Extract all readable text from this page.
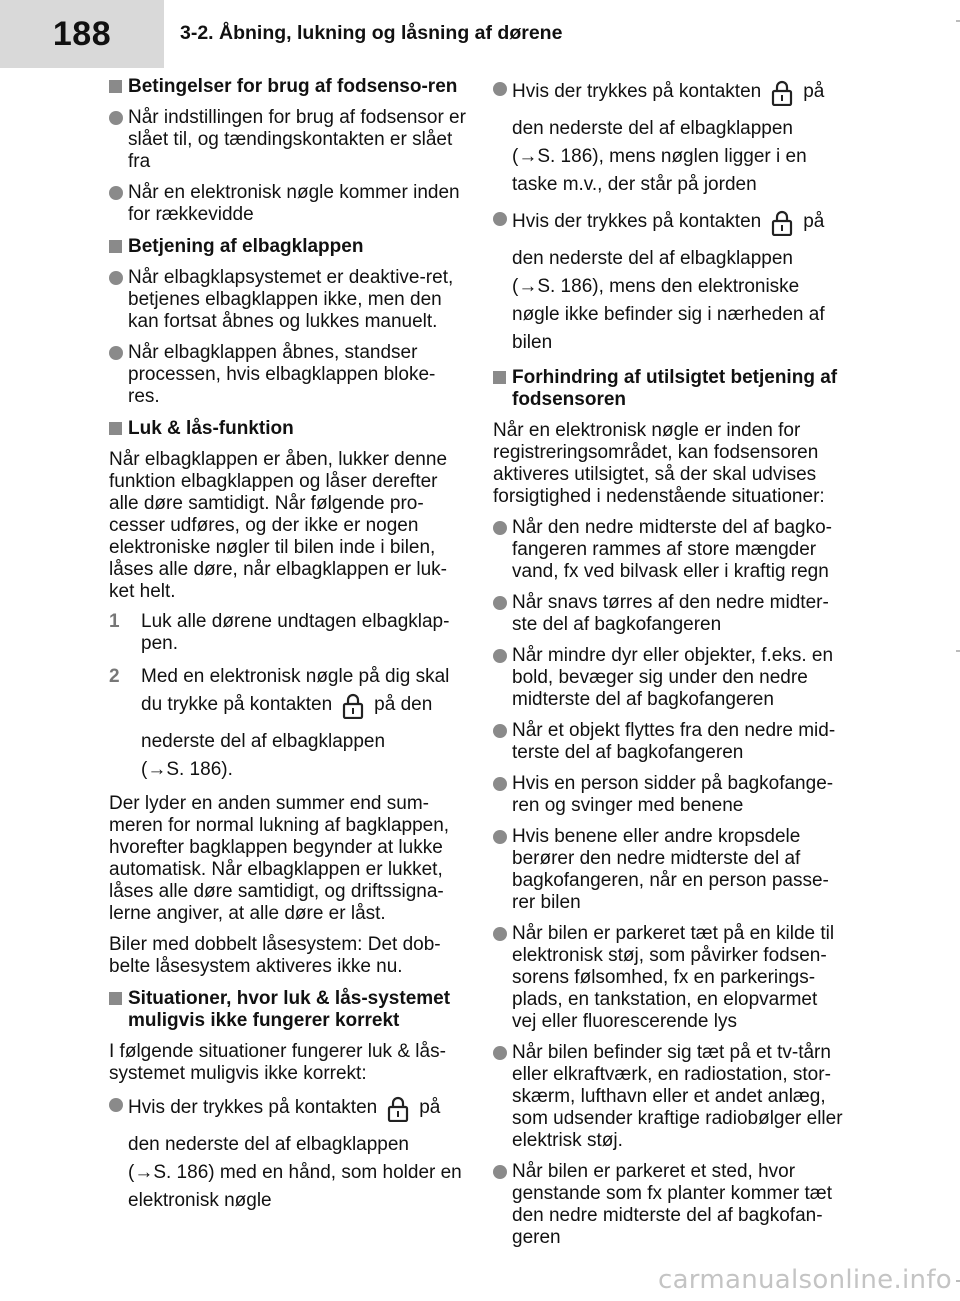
188	3-2. Åbning, lukning og låsning af dørene
Betingelser for brug af fodsenso-ren
Når indstillingen for brug af fodsensor er slået til, og tændingskontakten er slået fra
Når en elektronisk nøgle kommer inden for rækkevidde
Betjening af elbagklappen
Når elbagklapsystemet er deaktive-ret, betjenes elbagklappen ikke, men den kan fortsat åbnes og lukkes manuelt.
Når elbagklappen åbnes, standser processen, hvis elbagklappen bloke-res.
Luk & lås-funktion
Når elbagklappen er åben, lukker denne funktion elbagklappen og låser derefter alle døre samtidigt. Når følgende pro-cesser udføres, og der ikke er nogen elektroniske nøgler til bilen inde i bilen, låses alle døre, når elbagklappen er luk-ket helt.
1 Luk alle dørene undtagen elbagklap-pen.
2 Med en elektronisk nøgle på dig skal du trykke på kontakten på den nederste del af elbagklappen
(→S. 186).
Der lyder en anden summer end sum-meren for normal lukning af bagklappen, hvorefter bagklappen begynder at lukke automatisk. Når elbagklappen er lukket, låses alle døre samtidigt, og driftssigna-lerne angiver, at alle døre er låst.
Biler med dobbelt låsesystem: Det dob-belte låsesystem aktiveres ikke nu.
Situationer, hvor luk & lås-systemet muligvis ikke fungerer korrekt
I følgende situationer fungerer luk & lås-systemet muligvis ikke korrekt:
Hvis der trykkes på kontakten på den nederste del af elbagklappen
(→S. 186) med en hånd, som holder en elektronisk nøgle
Hvis der trykkes på kontakten på den nederste del af elbagklappen
(→S. 186), mens nøglen ligger i en taske m.v., der står på jorden
Hvis der trykkes på kontakten på den nederste del af elbagklappen
(→S. 186), mens den elektroniske nøgle ikke befinder sig i nærheden af bilen
Forhindring af utilsigtet betjening af fodsensoren
Når en elektronisk nøgle er inden for registreringsområdet, kan fodsensoren aktiveres utilsigtet, så der skal udvises forsigtighed i nedenstående situationer:
Når den nedre midterste del af bagko-fangeren rammes af store mængder vand, fx ved bilvask eller i kraftig regn
Når snavs tørres af den nedre midter-ste del af bagkofangeren
Når mindre dyr eller objekter, f.eks. en bold, bevæger sig under den nedre midterste del af bagkofangeren
Når et objekt flyttes fra den nedre mid-terste del af bagkofangeren
Hvis en person sidder på bagkofange-ren og svinger med benene
Hvis benene eller andre kropsdele berører den nedre midterste del af bagkofangeren, når en person passe-rer bilen
Når bilen er parkeret tæt på en kilde til elektronisk støj, som påvirker fodsen-sorens følsomhed, fx en parkerings-plads, en tankstation, en elopvarmet vej eller fluorescerende lys
Når bilen befinder sig tæt på et tv-tårn eller elkraftværk, en radiostation, stor-skærm, lufthavn eller et andet anlæg, som udsender kraftige radiobølger eller elektrisk støj.
Når bilen er parkeret et sted, hvor genstande som fx planter kommer tæt den nedre midterste del af bagkofan-geren
carmanualsonline.info
